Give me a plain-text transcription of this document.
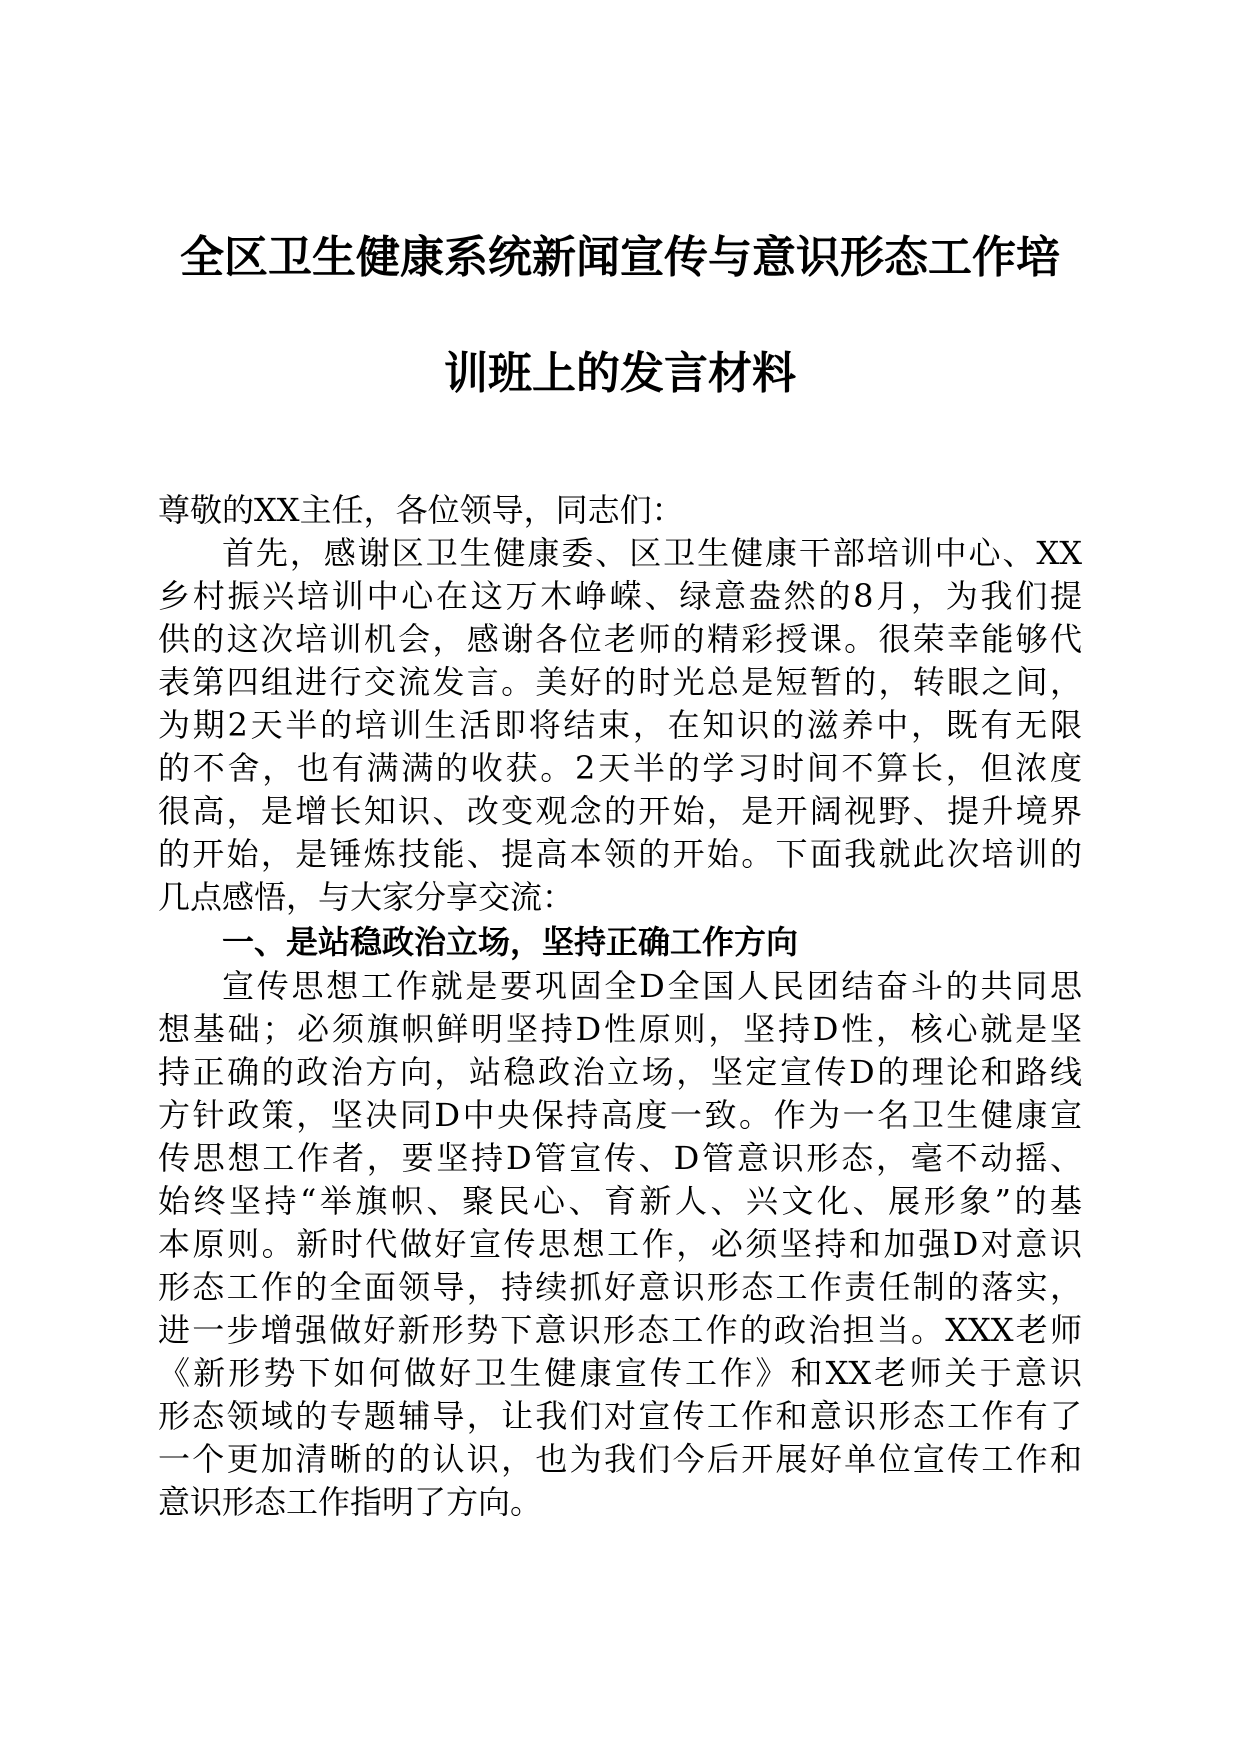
全区卫生健康系统新闻宣传与意识形态工作培
训班上的发言材料
尊敬的XX主任，各位领导，同志们：
首先，感谢区卫生健康委、区卫生健康干部培训中心、XX
乡村振兴培训中心在这万木峥嵘、绿意盎然的8月，为我们提
供的这次培训机会，感谢各位老师的精彩授课。很荣幸能够代
表第四组进行交流发言。美好的时光总是短暂的，转眼之间，
为期2天半的培训生活即将结束，在知识的滋养中，既有无限
的不舍，也有满满的收获。2天半的学习时间不算长，但浓度
很高，是增长知识、改变观念的开始，是开阔视野、提升境界
的开始，是锤炼技能、提高本领的开始。下面我就此次培训的
几点感悟，与大家分享交流：
一、是站稳政治立场，坚持正确工作方向
宣传思想工作就是要巩固全D全国人民团结奋斗的共同思
想基础；必须旗帜鲜明坚持D性原则，坚持D性，核心就是坚
持正确的政治方向，站稳政治立场，坚定宣传D的理论和路线
方针政策，坚决同D中央保持高度一致。作为一名卫生健康宣
传思想工作者，要坚持D管宣传、D管意识形态，毫不动摇、
始终坚持“举旗帜、聚民心、育新人、兴文化、展形象”的基
本原则。新时代做好宣传思想工作，必须坚持和加强D对意识
形态工作的全面领导，持续抓好意识形态工作责任制的落实，
进一步增强做好新形势下意识形态工作的政治担当。XXX老师
《新形势下如何做好卫生健康宣传工作》和XX老师关于意识
形态领域的专题辅导，让我们对宣传工作和意识形态工作有了
一个更加清晰的的认识，也为我们今后开展好单位宣传工作和
意识形态工作指明了方向。
